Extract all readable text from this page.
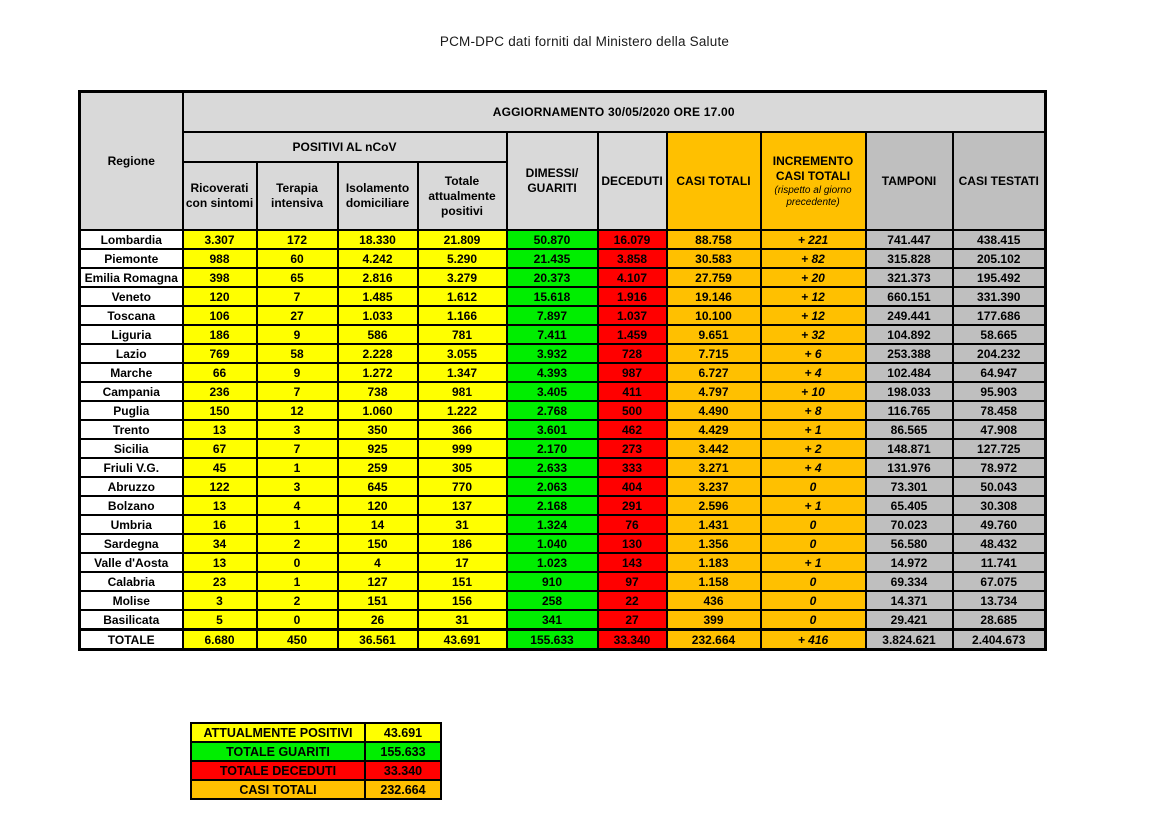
PCM-DPC dati forniti dal Ministero della Salute
Regione	AGGIORNAMENTO 30/05/2020 ORE 17.00									
	POSITIVI AL nCoV				DIMESSI/ GUARITI	DECEDUTI	CASI TOTALI	INCREMENTO
CASI TOTALI
(rispetto al giorno precedente)	TAMPONI	CASI TESTATI
	Ricoverati con sintomi	Terapia intensiva	Isolamento domiciliare	Totale attualmente positivi						
Lombardia	3.307	172	18.330	21.809	50.870	16.079	88.758	+ 221	741.447	438.415
Piemonte	988	60	4.242	5.290	21.435	3.858	30.583	+ 82	315.828	205.102
Emilia Romagna	398	65	2.816	3.279	20.373	4.107	27.759	+ 20	321.373	195.492
Veneto	120	7	1.485	1.612	15.618	1.916	19.146	+ 12	660.151	331.390
Toscana	106	27	1.033	1.166	7.897	1.037	10.100	+ 12	249.441	177.686
Liguria	186	9	586	781	7.411	1.459	9.651	+ 32	104.892	58.665
Lazio	769	58	2.228	3.055	3.932	728	7.715	+ 6	253.388	204.232
Marche	66	9	1.272	1.347	4.393	987	6.727	+ 4	102.484	64.947
Campania	236	7	738	981	3.405	411	4.797	+ 10	198.033	95.903
Puglia	150	12	1.060	1.222	2.768	500	4.490	+ 8	116.765	78.458
Trento	13	3	350	366	3.601	462	4.429	+ 1	86.565	47.908
Sicilia	67	7	925	999	2.170	273	3.442	+ 2	148.871	127.725
Friuli V.G.	45	1	259	305	2.633	333	3.271	+ 4	131.976	78.972
Abruzzo	122	3	645	770	2.063	404	3.237	0	73.301	50.043
Bolzano	13	4	120	137	2.168	291	2.596	+ 1	65.405	30.308
Umbria	16	1	14	31	1.324	76	1.431	0	70.023	49.760
Sardegna	34	2	150	186	1.040	130	1.356	0	56.580	48.432
Valle d'Aosta	13	0	4	17	1.023	143	1.183	+ 1	14.972	11.741
Calabria	23	1	127	151	910	97	1.158	0	69.334	67.075
Molise	3	2	151	156	258	22	436	0	14.371	13.734
Basilicata	5	0	26	31	341	27	399	0	29.421	28.685
TOTALE	6.680	450	36.561	43.691	155.633	33.340	232.664	+ 416	3.824.621	2.404.673
ATTUALMENTE POSITIVI	43.691
TOTALE GUARITI	155.633
TOTALE DECEDUTI	33.340
CASI TOTALI	232.664
